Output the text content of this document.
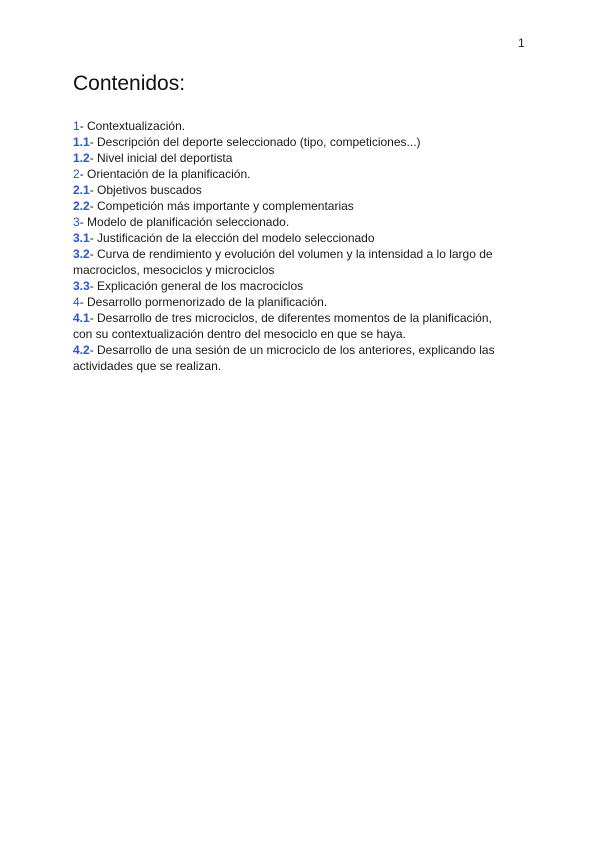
1
Contenidos:
1- Contextualización.
1.1- Descripción del deporte seleccionado (tipo, competiciones...)
1.2- Nivel inicial del deportista
2- Orientación de la planificación.
2.1- Objetivos buscados
2.2- Competición más importante y complementarias
3- Modelo de planificación seleccionado.
3.1- Justificación de la elección del modelo seleccionado
3.2- Curva de rendimiento y evolución del volumen y la intensidad a lo largo de macrociclos, mesociclos y microciclos
3.3- Explicación general de los macrociclos
4- Desarrollo pormenorizado de la planificación.
4.1- Desarrollo de tres microciclos, de diferentes momentos de la planificación, con su contextualización dentro del mesociclo en que se haya.
4.2- Desarrollo de una sesión de un microciclo de los anteriores, explicando las actividades que se realizan.
